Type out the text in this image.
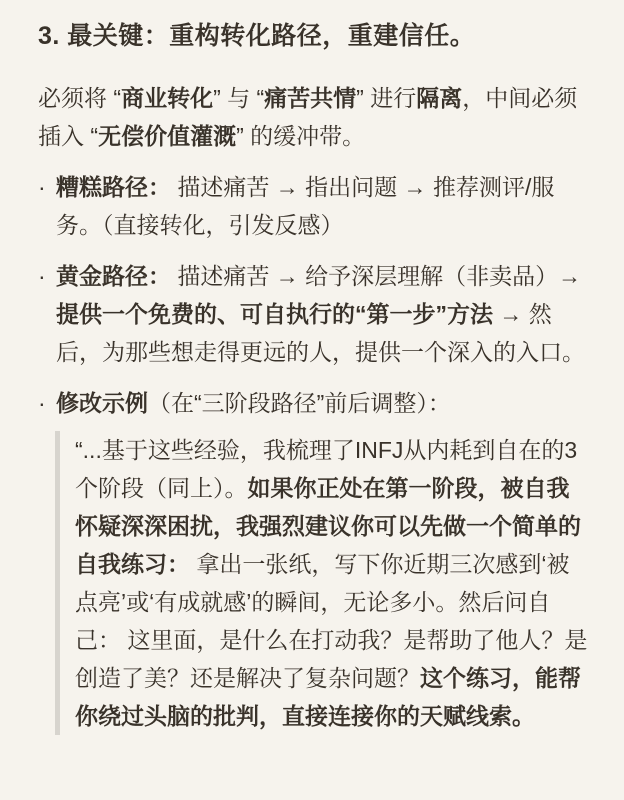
3. 最关键：重构转化路径，重建信任。

必须将 “商业转化” 与 “痛苦共情” 进行隔离，中间必须插入 “无偿价值灌溉” 的缓冲带。

· 糟糕路径： 描述痛苦 → 指出问题 → 推荐测评/服务。（直接转化，引发反感）
· 黄金路径： 描述痛苦 → 给予深层理解（非卖品）→ 提供一个免费的、可自执行的“第一步”方法 → 然后，为那些想走得更远的人，提供一个深入的入口。
· 修改示例（在“三阶段路径”前后调整）：

“...基于这些经验，我梳理了INFJ从内耗到自在的3个阶段（同上）。如果你正处在第一阶段，被自我怀疑深深困扰，我强烈建议你可以先做一个简单的自我练习： 拿出一张纸，写下你近期三次感到‘被点亮’或‘有成就感’的瞬间，无论多小。然后问自己： 这里面，是什么在打动我？是帮助了他人？是创造了美？还是解决了复杂问题？这个练习，能帮你绕过头脑的批判，直接连接你的天赋线索。
